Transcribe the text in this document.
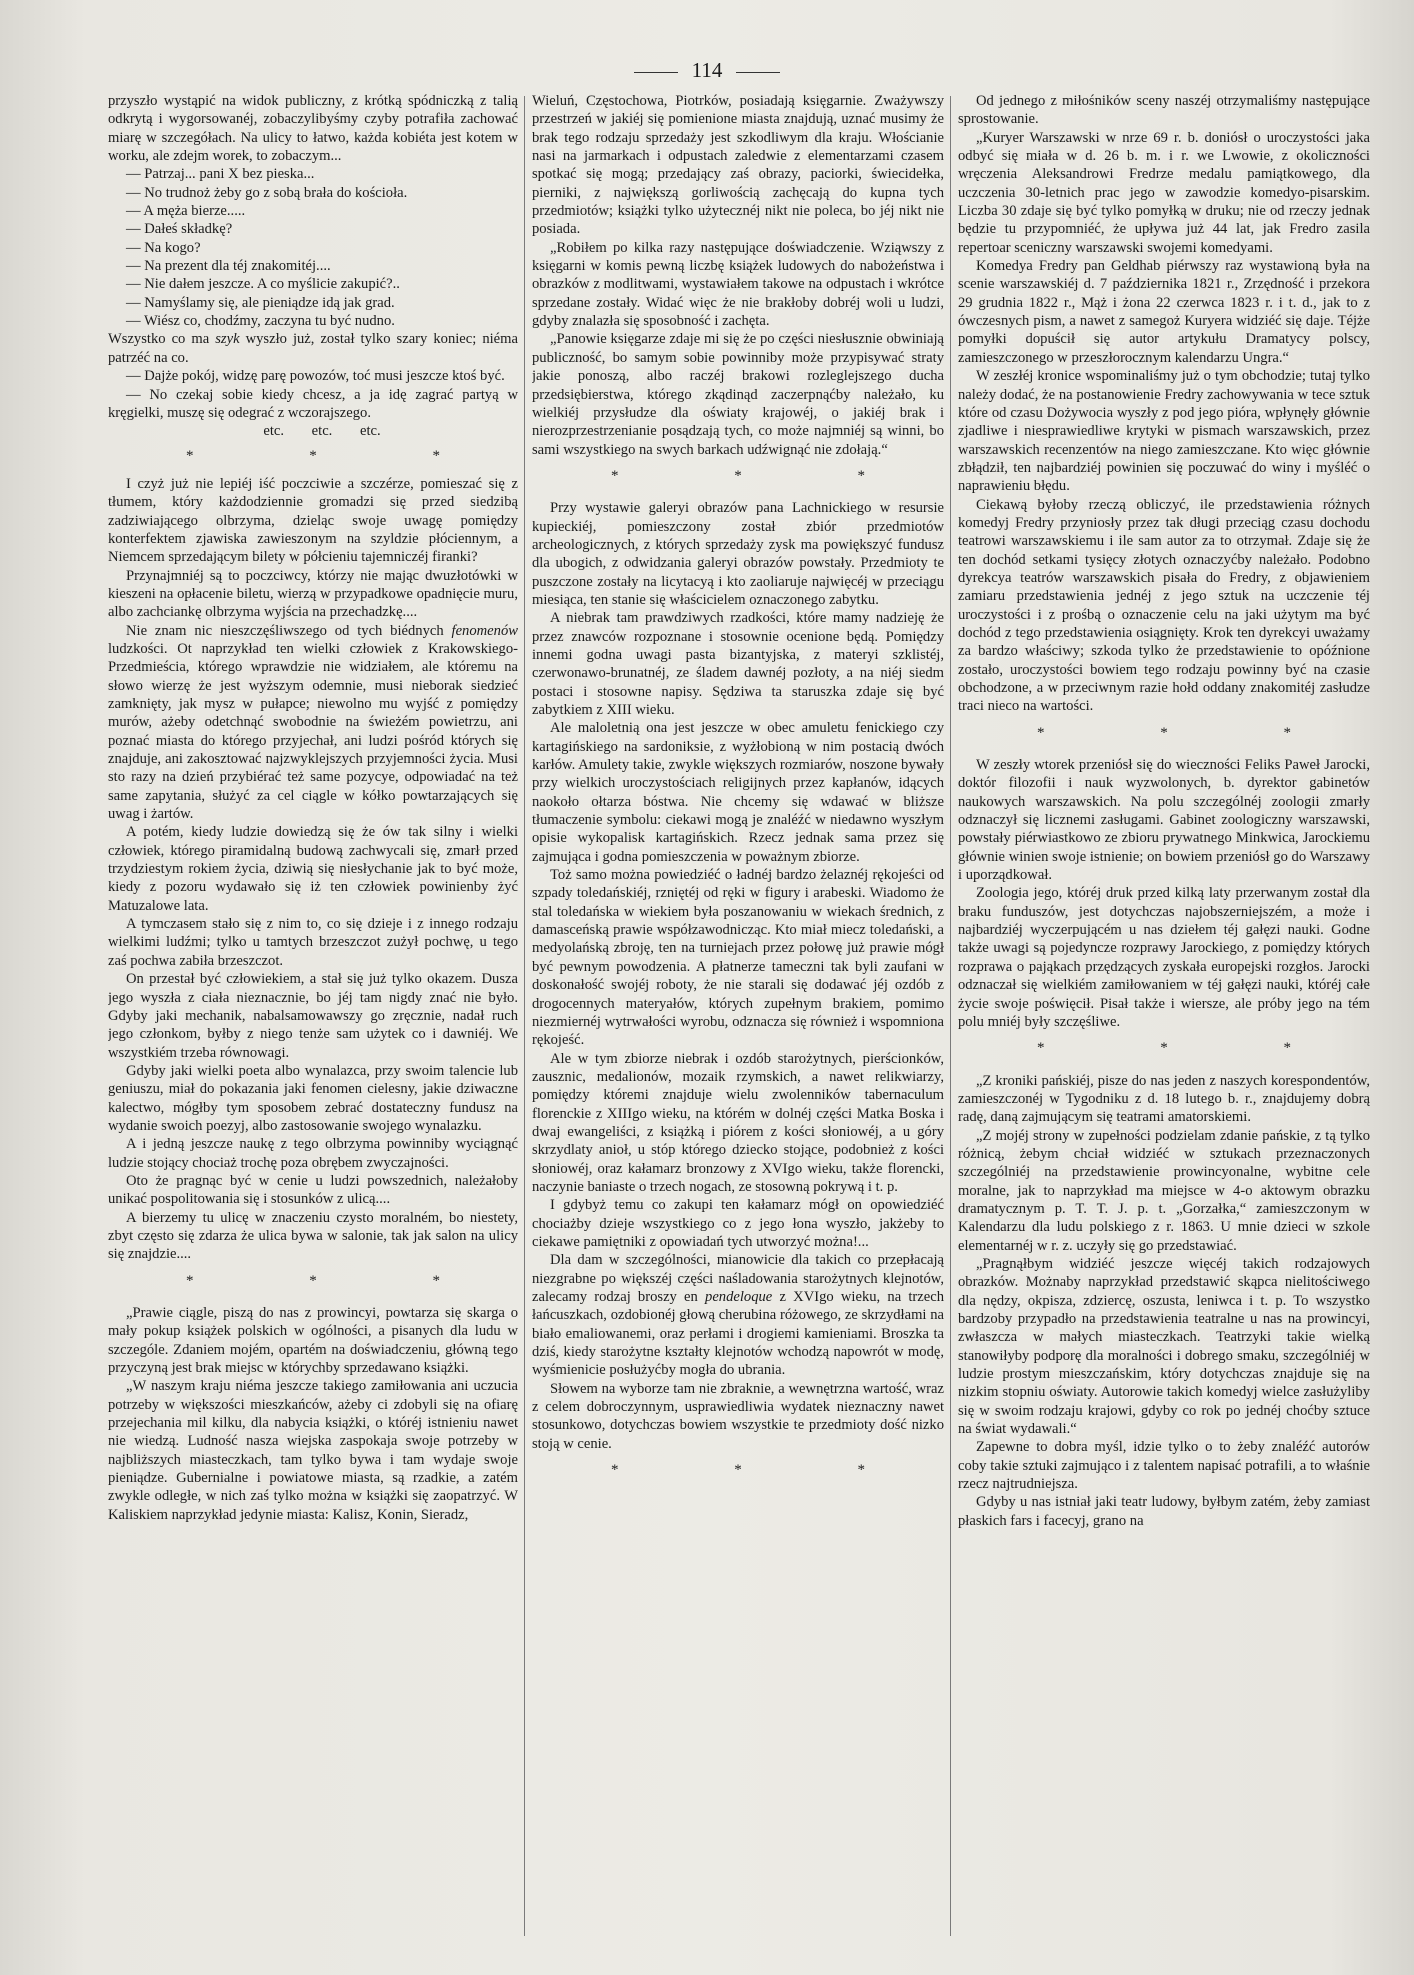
114

przyszło wystąpić na widok publiczny, z krótką spódniczką z talią odkrytą i wygorsowanéj, zobaczylibyśmy czyby potrafiła zachować miarę w szczegółach. Na ulicy to łatwo, każda kobiéta jest kotem w worku, ale zdejm worek, to zobaczym...

— Patrzaj... pani X bez pieska...

— No trudnoż żeby go z sobą brała do kościoła.

— A męża bierze.....

— Dałeś składkę?

— Na kogo?

— Na prezent dla téj znakomitéj....

— Nie dałem jeszcze. A co myślicie zakupić?..

— Namyślamy się, ale pieniądze idą jak grad.

— Wiész co, chodźmy, zaczyna tu być nudno.

Wszystko co ma szyk wyszło już, został tylko szary koniec; niéma patrzéć na co.

— Dajże pokój, widzę parę powozów, toć musi jeszcze ktoś być.

— No czekaj sobie kiedy chcesz, a ja idę zagrać partyą w kręgielki, muszę się odegrać z wczorajszego.

etc. etc. etc.

* * *

I czyż już nie lepiéj iść poczciwie a szczérze, pomieszać się z tłumem, który każdodziennie gromadzi się przed siedzibą zadziwiającego olbrzyma, dzieląc swoje uwagę pomiędzy konterfektem zjawiska zawieszonym na szyldzie płóciennym, a Niemcem sprzedającym bilety w półcieniu tajemniczéj firanki?

Przynajmniéj są to poczciwcy, którzy nie mając dwuzłotówki w kieszeni na opłacenie biletu, wierzą w przypadkowe opadnięcie muru, albo zachciankę olbrzyma wyjścia na przechadzkę....

Nie znam nic nieszczęśliwszego od tych biédnych fenomenów ludzkości. Ot naprzykład ten wielki człowiek z Krakowskiego-Przedmieścia, którego wprawdzie nie widziałem, ale któremu na słowo wierzę że jest wyższym odemnie, musi nieborak siedzieć zamknięty, jak mysz w pułapce; niewolno mu wyjść z pomiędzy murów, ażeby odetchnąć swobodnie na świeżém powietrzu, ani poznać miasta do którego przyjechał, ani ludzi pośród których się znajduje, ani zakosztować najzwyklejszych przyjemności życia. Musi sto razy na dzień przybiérać też same pozycye, odpowiadać na też same zapytania, służyć za cel ciągle w kółko powtarzających się uwag i żartów.

A potém, kiedy ludzie dowiedzą się że ów tak silny i wielki człowiek, którego piramidalną budową zachwycali się, zmarł przed trzydziestym rokiem życia, dziwią się niesłychanie jak to być może, kiedy z pozoru wydawało się iż ten człowiek powinienby żyć Matuzalowe lata.

A tymczasem stało się z nim to, co się dzieje i z innego rodzaju wielkimi ludźmi; tylko u tamtych brzeszczot zużył pochwę, u tego zaś pochwa zabiła brzeszczot.

On przestał być człowiekiem, a stał się już tylko okazem. Dusza jego wyszła z ciała nieznacznie, bo jéj tam nigdy znać nie było. Gdyby jaki mechanik, nabalsamowawszy go zręcznie, nadał ruch jego członkom, byłby z niego tenże sam użytek co i dawniéj. We wszystkiém trzeba równowagi.

Gdyby jaki wielki poeta albo wynalazca, przy swoim talencie lub geniuszu, miał do pokazania jaki fenomen cielesny, jakie dziwaczne kalectwo, mógłby tym sposobem zebrać dostateczny fundusz na wydanie swoich poezyj, albo zastosowanie swojego wynalazku.

A i jedną jeszcze naukę z tego olbrzyma powinniby wyciągnąć ludzie stojący chociaż trochę poza obrębem zwyczajności.

Oto że pragnąc być w cenie u ludzi powszednich, należałoby unikać pospolitowania się i stosunków z ulicą....

A bierzemy tu ulicę w znaczeniu czysto moralném, bo niestety, zbyt często się zdarza że ulica bywa w salonie, tak jak salon na ulicy się znajdzie....

* * *

„Prawie ciągle, piszą do nas z prowincyi, powtarza się skarga o mały pokup książek polskich w ogólności, a pisanych dla ludu w szczególe. Zdaniem mojém, opartém na doświadczeniu, główną tego przyczyną jest brak miejsc w którychby sprzedawano książki.

„W naszym kraju niéma jeszcze takiego zamiłowania ani uczucia potrzeby w większości mieszkańców, ażeby ci zdobyli się na ofiarę przejechania mil kilku, dla nabycia książki, o któréj istnieniu nawet nie wiedzą. Ludność nasza wiejska zaspokaja swoje potrzeby w najbliższych miasteczkach, tam tylko bywa i tam wydaje swoje pieniądze. Gubernialne i powiatowe miasta, są rzadkie, a zatém zwykle odległe, w nich zaś tylko można w książki się zaopatrzyć. W Kaliskiem naprzykład jedynie miasta: Kalisz, Konin, Sieradz,

Wieluń, Częstochowa, Piotrków, posiadają księgarnie. Zważywszy przestrzeń w jakiéj się pomienione miasta znajdują, uznać musimy że brak tego rodzaju sprzedaży jest szkodliwym dla kraju. Włościanie nasi na jarmarkach i odpustach zaledwie z elementarzami czasem spotkać się mogą; przedający zaś obrazy, paciorki, świecidełka, pierniki, z największą gorliwością zachęcają do kupna tych przedmiotów; książki tylko użytecznéj nikt nie poleca, bo jéj nikt nie posiada.

„Robiłem po kilka razy następujące doświadczenie. Wziąwszy z księgarni w komis pewną liczbę książek ludowych do nabożeństwa i obrazków z modlitwami, wystawiałem takowe na odpustach i wkrótce sprzedane zostały. Widać więc że nie brakłoby dobréj woli u ludzi, gdyby znalazła się sposobność i zachęta.

„Panowie księgarze zdaje mi się że po części niesłusznie obwiniają publiczność, bo samym sobie powinniby może przypisywać straty jakie ponoszą, albo raczéj brakowi rozleglejszego ducha przedsiębierstwa, którego zkądinąd zaczerpnąćby należało, ku wielkiéj przysłudze dla oświaty krajowéj, o jakiéj brak i nierozprzestrzenianie posądzają tych, co może najmniéj są winni, bo sami wszystkiego na swych barkach udźwignąć nie zdołają.“

* * *

Przy wystawie galeryi obrazów pana Lachnickiego w resursie kupieckiéj, pomieszczony został zbiór przedmiotów archeologicznych, z których sprzedaży zysk ma powiększyć fundusz dla ubogich, z odwidzania galeryi obrazów powstały. Przedmioty te puszczone zostały na licytacyą i kto zaoliaruje najwięcéj w przeciągu miesiąca, ten stanie się właścicielem oznaczonego zabytku.

A niebrak tam prawdziwych rzadkości, które mamy nadzieję że przez znawców rozpoznane i stosownie ocenione będą. Pomiędzy innemi godna uwagi pasta bizantyjska, z materyi szklistéj, czerwonawo-brunatnéj, ze śladem dawnéj pozłoty, a na niéj siedm postaci i stosowne napisy. Sędziwa ta staruszka zdaje się być zabytkiem z XIII wieku.

Ale maloletnią ona jest jeszcze w obec amuletu fenickiego czy kartagińskiego na sardoniksie, z wyżłobioną w nim postacią dwóch karłów. Amulety takie, zwykle większych rozmiarów, noszone bywały przy wielkich uroczystościach religijnych przez kapłanów, idących naokoło ołtarza bóstwa. Nie chcemy się wdawać w bliższe tłumaczenie symbolu: ciekawi mogą je znaléźć w niedawno wyszłym opisie wykopalisk kartagińskich. Rzecz jednak sama przez się zajmująca i godna pomieszczenia w poważnym zbiorze.

Toż samo można powiedziéć o ładnéj bardzo żelaznéj rękojeści od szpady toledańskiéj, rzniętéj od ręki w figury i arabeski. Wiadomo że stal toledańska w wiekiem była poszanowaniu w wiekach średnich, z damasceńską prawie współzawodnicząc. Kto miał miecz toledański, a medyolańską zbroję, ten na turniejach przez połowę już prawie mógł być pewnym powodzenia. A płatnerze tameczni tak byli zaufani w doskonałość swojéj roboty, że nie starali się dodawać jéj ozdób z drogocennych materyałów, których zupełnym brakiem, pomimo niezmiernéj wytrwałości wyrobu, odznacza się również i wspomniona rękojeść.

Ale w tym zbiorze niebrak i ozdób starożytnych, pierścionków, zausznic, medalionów, mozaik rzymskich, a nawet relikwiarzy, pomiędzy któremi znajduje wielu zwolenników tabernaculum florenckie z XIIIgo wieku, na którém w dolnéj części Matka Boska i dwaj ewangeliści, z książką i piórem z kości słoniowéj, a u góry skrzydlaty anioł, u stóp którego dziecko stojące, podobnież z kości słoniowéj, oraz kałamarz bronzowy z XVIgo wieku, także florencki, naczynie baniaste o trzech nogach, ze stosowną pokrywą i t. p.

I gdybyż temu co zakupi ten kałamarz mógł on opowiedziéć chociażby dzieje wszystkiego co z jego łona wyszło, jakżeby to ciekawe pamiętniki z opowiadań tych utworzyć można!...

Dla dam w szczególności, mianowicie dla takich co przepłacają niezgrabne po większéj części naśladowania starożytnych klejnotów, zalecamy rodzaj broszy en pendeloque z XVIgo wieku, na trzech łańcuszkach, ozdobionéj głową cherubina różowego, ze skrzydłami na biało emaliowanemi, oraz perłami i drogiemi kamieniami. Broszka ta dziś, kiedy starożytne kształty klejnotów wchodzą napowrót w modę, wyśmienicie posłużyćby mogła do ubrania.

Słowem na wyborze tam nie zbraknie, a wewnętrzna wartość, wraz z celem dobroczynnym, usprawiedliwia wydatek nieznaczny nawet stosunkowo, dotychczas bowiem wszystkie te przedmioty dość nizko stoją w cenie.

* * *

Od jednego z miłośników sceny naszéj otrzymaliśmy następujące sprostowanie.

„Kuryer Warszawski w nrze 69 r. b. doniósł o uroczystości jaka odbyć się miała w d. 26 b. m. i r. we Lwowie, z okoliczności wręczenia Aleksandrowi Fredrze medalu pamiątkowego, dla uczczenia 30-letnich prac jego w zawodzie komedyo-pisarskim. Liczba 30 zdaje się być tylko pomyłką w druku; nie od rzeczy jednak będzie tu przypomniéć, że upływa już 44 lat, jak Fredro zasila repertoar sceniczny warszawski swojemi komedyami.

Komedya Fredry pan Geldhab piérwszy raz wystawioną była na scenie warszawskiéj d. 7 października 1821 r., Zrzędność i przekora 29 grudnia 1822 r., Mąż i żona 22 czerwca 1823 r. i t. d., jak to z ówczesnych pism, a nawet z samegoż Kuryera widziéć się daje. Téjże pomyłki dopuścił się autor artykułu Dramatycy polscy, zamieszczonego w przeszłorocznym kalendarzu Ungra.“

W zeszłéj kronice wspominaliśmy już o tym obchodzie; tutaj tylko należy dodać, że na postanowienie Fredry zachowywania w tece sztuk które od czasu Dożywocia wyszły z pod jego pióra, wpłynęły głównie zjadliwe i niesprawiedliwe krytyki w pismach warszawskich, przez warszawskich recenzentów na niego zamieszczane. Kto więc głównie zbłądził, ten najbardziéj powinien się poczuwać do winy i myśléć o naprawieniu błędu.

Ciekawą byłoby rzeczą obliczyć, ile przedstawienia różnych komedyj Fredry przyniosły przez tak długi przeciąg czasu dochodu teatrowi warszawskiemu i ile sam autor za to otrzymał. Zdaje się że ten dochód setkami tysięcy złotych oznaczyćby należało. Podobno dyrekcya teatrów warszawskich pisała do Fredry, z objawieniem zamiaru przedstawienia jednéj z jego sztuk na uczczenie téj uroczystości i z prośbą o oznaczenie celu na jaki użytym ma być dochód z tego przedstawienia osiągnięty. Krok ten dyrekcyi uważamy za bardzo właściwy; szkoda tylko że przedstawienie to opóźnione zostało, uroczystości bowiem tego rodzaju powinny być na czasie obchodzone, a w przeciwnym razie hołd oddany znakomitéj zasłudze traci nieco na wartości.

* * *

W zeszły wtorek przeniósł się do wieczności Feliks Paweł Jarocki, doktór filozofii i nauk wyzwolonych, b. dyrektor gabinetów naukowych warszawskich. Na polu szczególnéj zoologii zmarły odznaczył się licznemi zasługami. Gabinet zoologiczny warszawski, powstały piérwiastkowo ze zbioru prywatnego Minkwica, Jarockiemu głównie winien swoje istnienie; on bowiem przeniósł go do Warszawy i uporządkował.

Zoologia jego, któréj druk przed kilką laty przerwanym został dla braku funduszów, jest dotychczas najobszerniejszém, a może i najbardziéj wyczerpującém u nas dziełem téj gałęzi nauki. Godne także uwagi są pojedyncze rozprawy Jarockiego, z pomiędzy których rozprawa o pająkach przędzących zyskała europejski rozgłos. Jarocki odznaczał się wielkiém zamiłowaniem w téj gałęzi nauki, któréj całe życie swoje poświęcił. Pisał także i wiersze, ale próby jego na tém polu mniéj były szczęśliwe.

* * *

„Z kroniki pańskiéj, pisze do nas jeden z naszych korespondentów, zamieszczonéj w Tygodniku z d. 18 lutego b. r., znajdujemy dobrą radę, daną zajmującym się teatrami amatorskiemi.

„Z mojéj strony w zupełności podzielam zdanie pańskie, z tą tylko różnicą, żebym chciał widziéć w sztukach przeznaczonych szczególniéj na przedstawienie prowincyonalne, wybitne cele moralne, jak to naprzykład ma miejsce w 4-o aktowym obrazku dramatycznym p. T. T. J. p. t. „Gorzałka,“ zamieszczonym w Kalendarzu dla ludu polskiego z r. 1863. U mnie dzieci w szkole elementarnéj w r. z. uczyły się go przedstawiać.

„Pragnąłbym widziéć jeszcze więcéj takich rodzajowych obrazków. Możnaby naprzykład przedstawić skąpca nielitościwego dla nędzy, okpisza, zdziercę, oszusta, leniwca i t. p. To wszystko bardzoby przypadło na przedstawienia teatralne u nas na prowincyi, zwłaszcza w małych miasteczkach. Teatrzyki takie wielką stanowiłyby podporę dla moralności i dobrego smaku, szczególniéj w ludzie prostym mieszczańskim, który dotychczas znajduje się na nizkim stopniu oświaty. Autorowie takich komedyj wielce zasłużyliby się w swoim rodzaju krajowi, gdyby co rok po jednéj choćby sztuce na świat wydawali.“

Zapewne to dobra myśl, idzie tylko o to żeby znaléźć autorów coby takie sztuki zajmująco i z talentem napisać potrafili, a to właśnie rzecz najtrudniejsza.

Gdyby u nas istniał jaki teatr ludowy, byłbym zatém, żeby zamiast płaskich fars i facecyj, grano na
